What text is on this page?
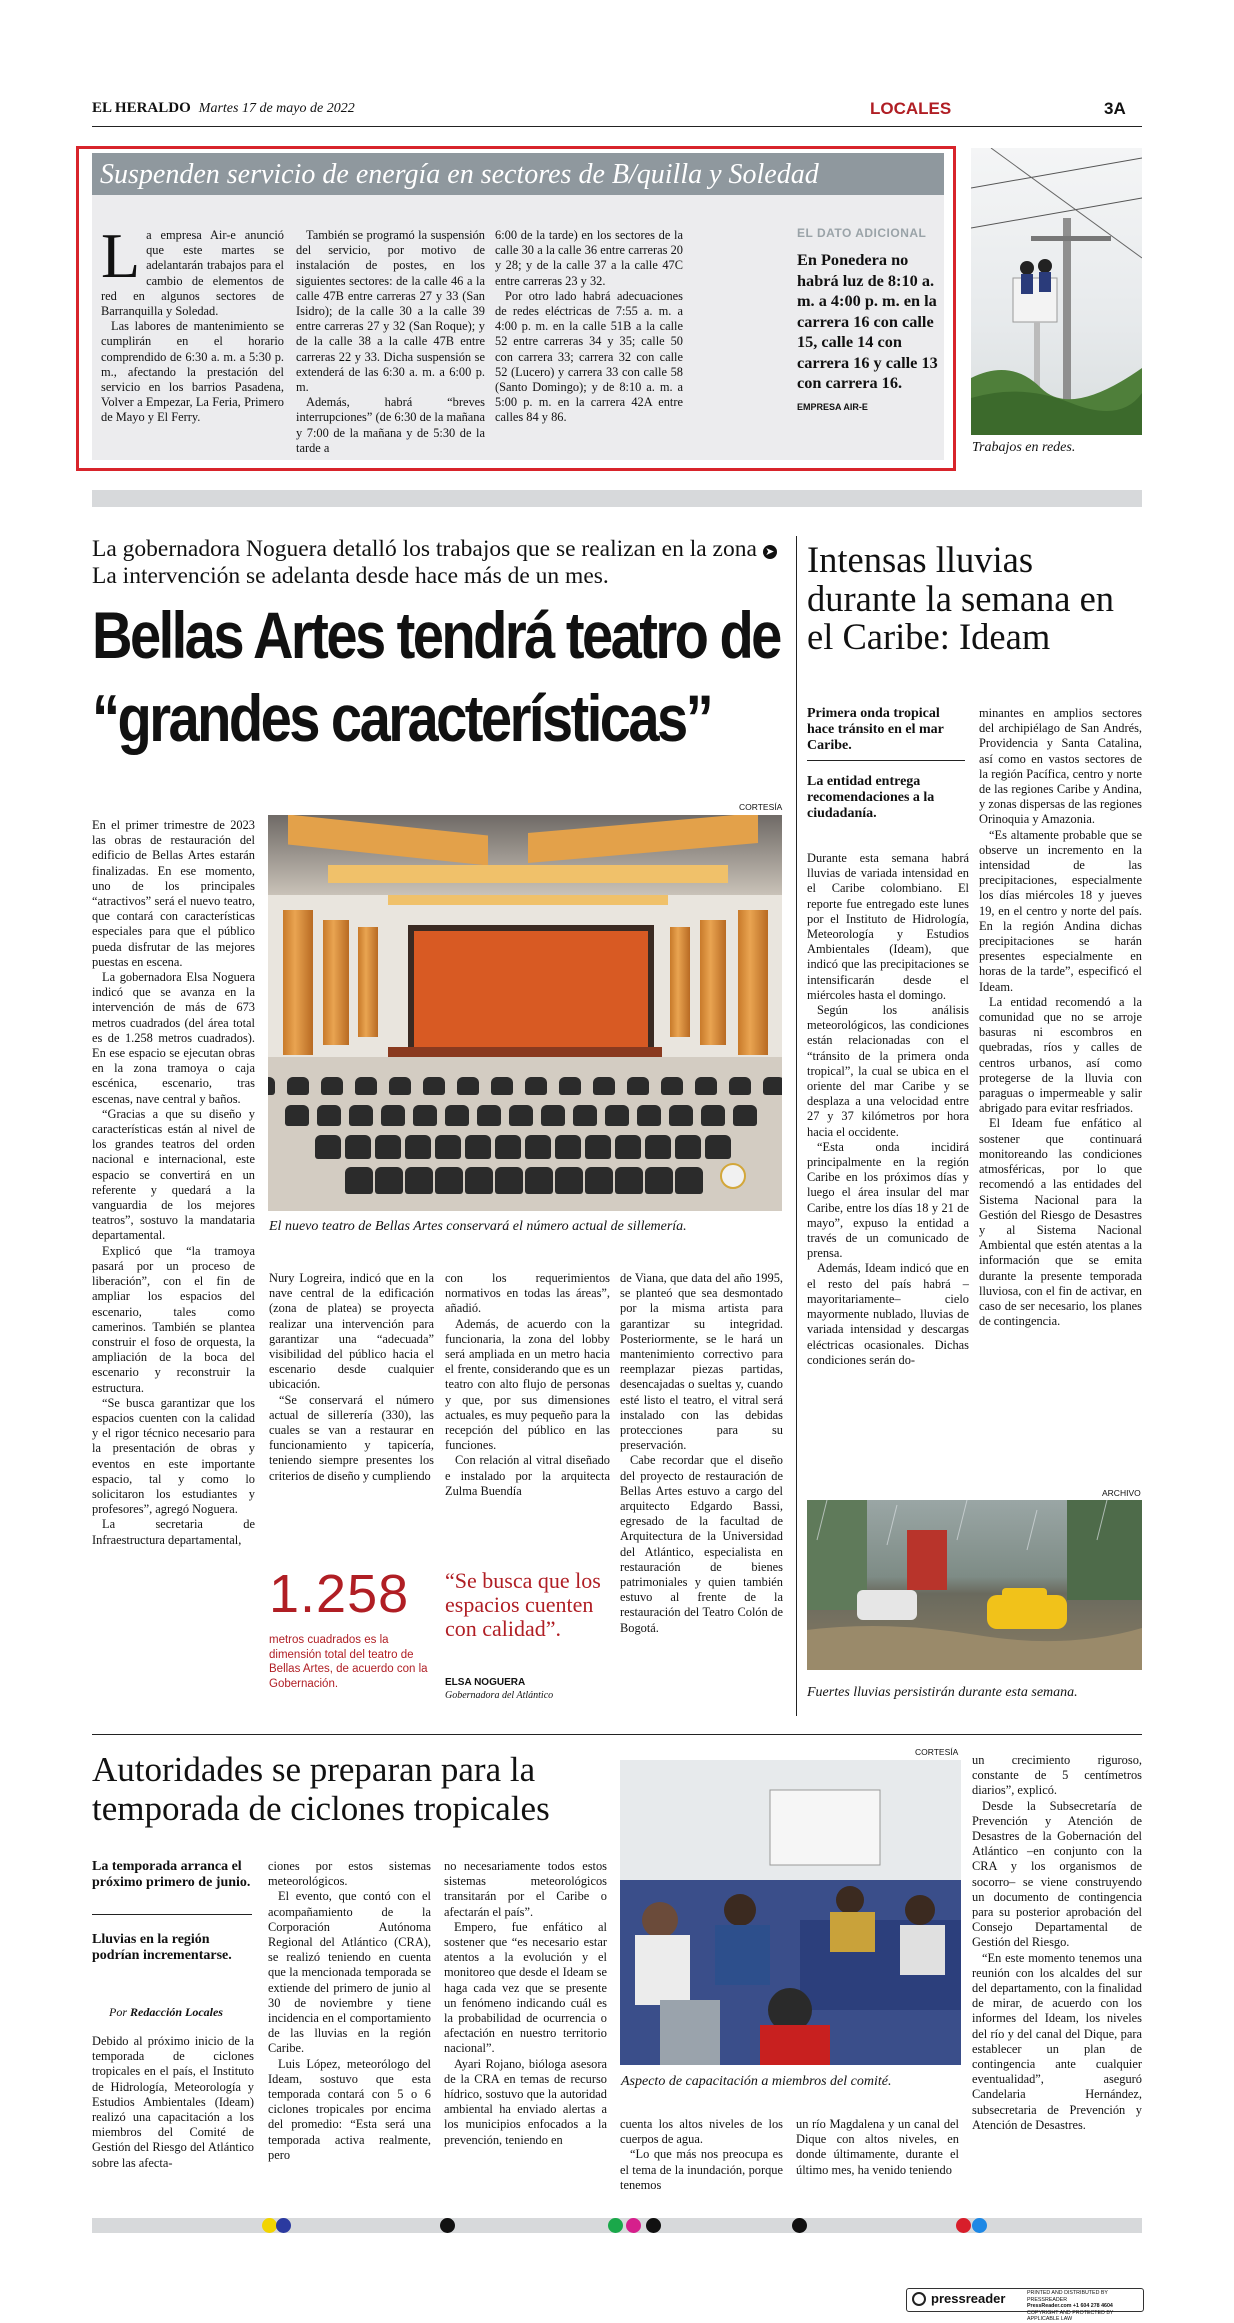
EL HERALDO Martes 17 de mayo de 2022	LOCALES	3A
Suspenden servicio de energía en sectores de B/quilla y Soledad
L a empresa Air-e anunció que este martes se adelantarán trabajos para el cambio de elementos de red en algunos sectores de Barranquilla y Soledad.

Las labores de mantenimiento se cumplirán en el horario comprendido de 6:30 a. m. a 5:30 p. m., afectando la prestación del servicio en los barrios Pasadena, Volver a Empezar, La Feria, Primero de Mayo y El Ferry.

También se programó la suspensión del servicio, por motivo de instalación de postes, en los siguientes sectores: de la calle 46 a la calle 47B entre carreras 27 y 33 (San Isidro); de la calle 30 a la calle 39 entre carreras 27 y 32 (San Roque); y de la calle 38 a la calle 47B entre carreras 22 y 33. Dicha suspensión se extenderá de las 6:30 a. m. a 6:00 p. m.

Además, habrá “breves interrupciones” (de 6:30 de la mañana y 7:00 de la mañana y de 5:30 de la tarde a

6:00 de la tarde) en los sectores de la calle 30 a la calle 36 entre carreras 20 y 28; y de la calle 37 a la calle 47C entre carreras 23 y 32.

Por otro lado habrá adecuaciones de redes eléctricas de 7:55 a. m. a 4:00 p. m. en la calle 51B a la calle 52 entre carreras 34 y 35; calle 50 con carrera 33; carrera 32 con calle 52 (Lucero) y carrera 33 con calle 58 (Santo Domingo); y de 8:10 a. m. a 5:00 p. m. en la carrera 42A entre calles 84 y 86.

EL DATO ADICIONAL
En Ponedera no habrá luz de 8:10 a. m. a 4:00 p. m. en la carrera 16 con calle 15, calle 14 con carrera 16 y calle 13 con carrera 16.
EMPRESA AIR-E
Trabajos en redes.
La gobernadora Noguera detalló los trabajos que se realizan en la zona ➤ La intervención se adelanta desde hace más de un mes.
Bellas Artes tendrá teatro de
“grandes características”
CORTESÍA
El nuevo teatro de Bellas Artes conservará el número actual de sillетería.

En el primer trimestre de 2023 las obras de restauración del edificio de Bellas Artes estarán finalizadas. En ese momento, uno de los principales “atractivos” será el nuevo teatro, que contará con características especiales para que el público pueda disfrutar de las mejores puestas en escena.

La gobernadora Elsa Noguera indicó que se avanza en la intervención de más de 673 metros cuadrados (del área total es de 1.258 metros cuadrados). En ese espacio se ejecutan obras en la zona tramoya o caja escénica, escenario, tras escenas, nave central y baños.

“Gracias a que su diseño y características están al nivel de los grandes teatros del orden nacional e internacional, este espacio se convertirá en un referente y quedará a la vanguardia de los mejores teatros”, sostuvo la mandataria departamental.

Explicó que “la tramoya pasará por un proceso de liberación”, con el fin de ampliar los espacios del escenario, tales como camerinos. También se plantea construir el foso de orquesta, la ampliación de la boca del escenario y reconstruir la estructura.

“Se busca garantizar que los espacios cuenten con la calidad y el rigor técnico necesario para la presentación de obras y eventos en este importante espacio, tal y como lo solicitaron los estudiantes y profesores”, agregó Noguera.

La secretaria de Infraestructura departamental,

Nury Logreira, indicó que en la nave central de la edificación (zona de platea) se proyecta realizar una intervención para garantizar una “adecuada” visibilidad del público hacia el escenario desde cualquier ubicación.

“Se conservará el número actual de sillетería (330), las cuales se van a restaurar en funcionamiento y tapicería, teniendo siempre presentes los criterios de diseño y cumpliendo

con los requerimientos normativos en todas las áreas”, añadió.

Además, de acuerdo con la funcionaria, la zona del lobby será ampliada en un metro hacia el frente, considerando que es un teatro con alto flujo de personas y que, por sus dimensiones actuales, es muy pequeño para la recepción del público en las funciones.

Con relación al vitral diseñado e instalado por la arquitecta Zulma Buendía

de Viana, que data del año 1995, se planteó que sea desmontado por la misma artista para garantizar su integridad. Posteriormente, se le hará un mantenimiento correctivo para reemplazar piezas partidas, desencajadas o sueltas y, cuando esté listo el teatro, el vitral será instalado con las debidas protecciones para su preservación.

Cabe recordar que el diseño del proyecto de restauración de Bellas Artes estuvo a cargo del arquitecto Edgardo Bassi, egresado de la facultad de Arquitectura de la Universidad del Atlántico, especialista en restauración de bienes patrimoniales y quien también estuvo al frente de la restauración del Teatro Colón de Bogotá.

1.258
metros cuadrados es la dimensión total del teatro de Bellas Artes, de acuerdo con la Gobernación.
“Se busca que los espacios cuenten con calidad”.
ELSA NOGUERA
Gobernadora del Atlántico
Intensas lluvias durante la semana en el Caribe: Ideam
Primera onda tropical hace tránsito en el mar Caribe.
La entidad entrega recomendaciones a la ciudadanía.

Durante esta semana habrá lluvias de variada intensidad en el Caribe colombiano. El reporte fue entregado este lunes por el Instituto de Hidrología, Meteorología y Estudios Ambientales (Ideam), que indicó que las precipitaciones se intensificarán desde el miércoles hasta el domingo.

Según los análisis meteorológicos, las condiciones están relacionadas con el “tránsito de la primera onda tropical”, la cual se ubica en el oriente del mar Caribe y se desplaza a una velocidad entre 27 y 37 kilómetros por hora hacia el occidente.

“Esta onda incidirá principalmente en la región Caribe en los próximos días y luego el área insular del mar Caribe, entre los días 18 y 21 de mayo”, expuso la entidad a través de un comunicado de prensa.

Además, Ideam indicó que en el resto del país habrá –mayoritariamente– cielo mayormente nublado, lluvias de variada intensidad y descargas eléctricas ocasionales. Dichas condiciones serán do-

minantes en amplios sectores del archipiélago de San Andrés, Providencia y Santa Catalina, así como en vastos sectores de la región Pacífica, centro y norte de las regiones Caribe y Andina, y zonas dispersas de las regiones Orinoquia y Amazonia.

“Es altamente probable que se observe un incremento en la intensidad de las precipitaciones, especialmente los días miércoles 18 y jueves 19, en el centro y norte del país. En la región Andina dichas precipitaciones se harán presentes especialmente en horas de la tarde”, especificó el Ideam.

La entidad recomendó a la comunidad que no se arroje basuras ni escombros en quebradas, ríos y calles de centros urbanos, así como protegerse de la lluvia con paraguas o impermeable y salir abrigado para evitar resfriados.

El Ideam fue enfático al sostener que continuará monitoreando las condiciones atmosféricas, por lo que recomendó a las entidades del Sistema Nacional para la Gestión del Riesgo de Desastres y al Sistema Nacional Ambiental que estén atentas a la información que se emita durante la presente temporada lluviosa, con el fin de activar, en caso de ser necesario, los planes de contingencia.

ARCHIVO
Fuertes lluvias persistirán durante esta semana.
Autoridades se preparan para la temporada de ciclones tropicales
La temporada arranca el próximo primero de junio.
Lluvias en la región podrían incrementarse.
Por Redacción Locales

Debido al próximo inicio de la temporada de ciclones tropicales en el país, el Instituto de Hidrología, Meteorología y Estudios Ambientales (Ideam) realizó una capacitación a los miembros del Comité de Gestión del Riesgo del Atlántico sobre las afecta-

ciones por estos sistemas meteorológicos.

El evento, que contó con el acompañamiento de la Corporación Autónoma Regional del Atlántico (CRA), se realizó teniendo en cuenta que la mencionada temporada se extiende del primero de junio al 30 de noviembre y tiene incidencia en el comportamiento de las lluvias en la región Caribe.

Luis López, meteorólogo del Ideam, sostuvo que esta temporada contará con 5 o 6 ciclones tropicales por encima del promedio: “Esta será una temporada activa realmente, pero

no necesariamente todos estos sistemas meteorológicos transitarán por el Caribe o afectarán el país”.

Empero, fue enfático al sostener que “es necesario estar atentos a la evolución y el monitoreo que desde el Ideam se haga cada vez que se presente un fenómeno indicando cuál es la probabilidad de ocurrencia o afectación en nuestro territorio nacional”.

Ayari Rojano, bióloga asesora de la CRA en temas de recurso hídrico, sostuvo que la autoridad ambiental ha enviado alertas a los municipios enfocados a la prevención, teniendo en

CORTESÍA
Aspecto de capacitación a miembros del comité.

cuenta los altos niveles de los cuerpos de agua.

“Lo que más nos preocupa es el tema de la inundación, porque tenemos

un río Magdalena y un canal del Dique con altos niveles, en donde últimamente, durante el último mes, ha venido teniendo

un crecimiento riguroso, constante de 5 centímetros diarios”, explicó.

Desde la Subsecretaría de Prevención y Atención de Desastres de la Gobernación del Atlántico –en conjunto con la CRA y los organismos de socorro– se viene construyendo un documento de contingencia para su posterior aprobación del Consejo Departamental de Gestión del Riesgo.

“En este momento tenemos una reunión con los alcaldes del sur del departamento, con la finalidad de mirar, de acuerdo con los informes del Ideam, los niveles del río y del canal del Dique, para establecer un plan de contingencia ante cualquier eventualidad”, aseguró Candelaria Hernández, subsecretaria de Prevención y Atención de Desastres.

pressreader	PRINTED AND DISTRIBUTED BY PRESSREADER
PressReader.com +1 604 278 4604
COPYRIGHT AND PROTECTED BY APPLICABLE LAW
